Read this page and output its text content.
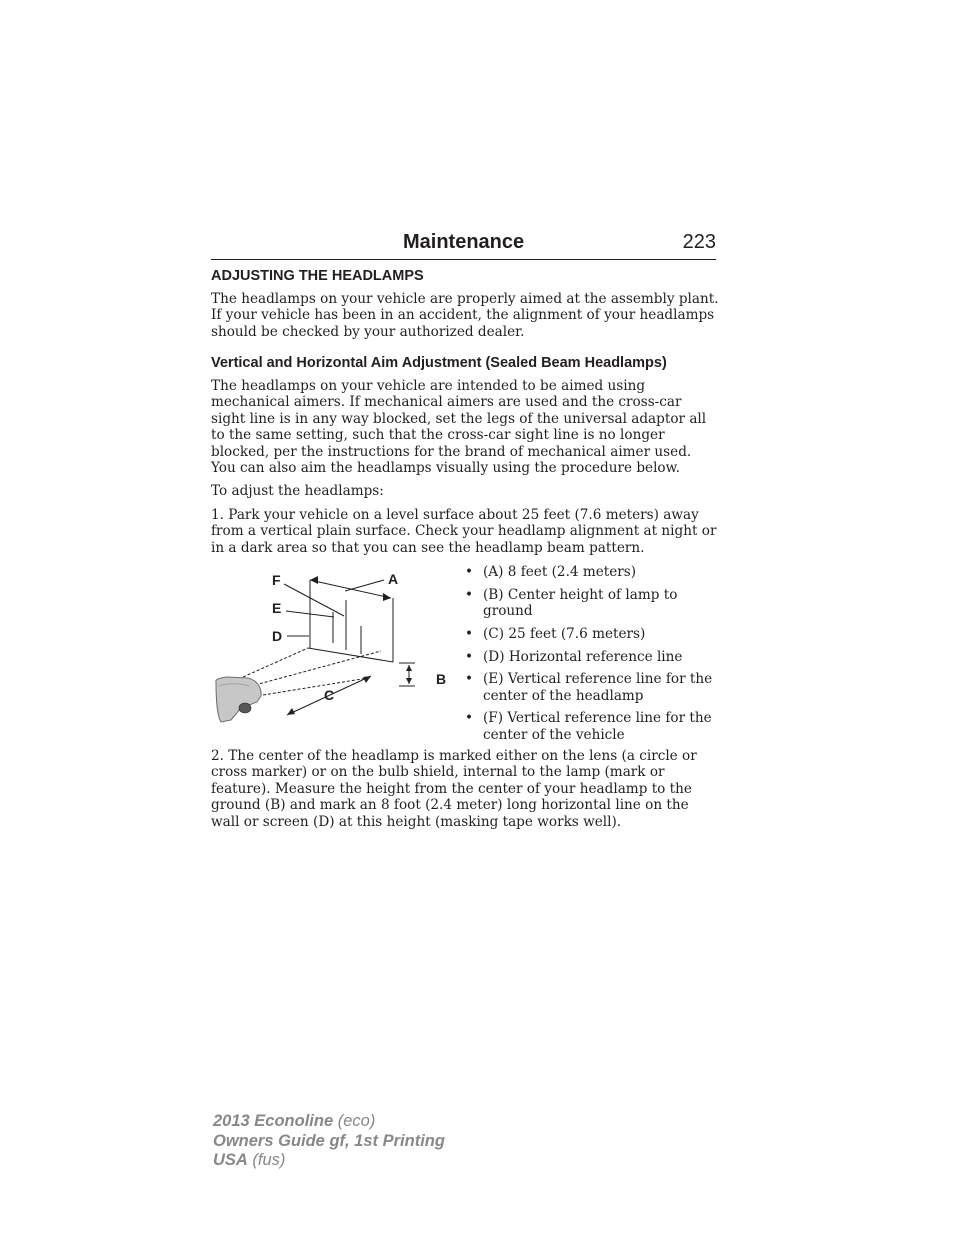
Maintenance	223
ADJUSTING THE HEADLAMPS

The headlamps on your vehicle are properly aimed at the assembly plant. If your vehicle has been in an accident, the alignment of your headlamps should be checked by your authorized dealer.

Vertical and Horizontal Aim Adjustment (Sealed Beam Headlamps)

The headlamps on your vehicle are intended to be aimed using mechanical aimers. If mechanical aimers are used and the cross-car sight line is in any way blocked, set the legs of the universal adaptor all to the same setting, such that the cross-car sight line is no longer blocked, per the instructions for the brand of mechanical aimer used. You can also aim the headlamps visually using the procedure below.

To adjust the headlamps:

1. Park your vehicle on a level surface about 25 feet (7.6 meters) away from a vertical plain surface. Check your headlamp alignment at night or in a dark area so that you can see the headlamp beam pattern.

F	A
E
D
B
C
• (A) 8 feet (2.4 meters)
• (B) Center height of lamp to ground
• (C) 25 feet (7.6 meters)
• (D) Horizontal reference line
• (E) Vertical reference line for the center of the headlamp
• (F) Vertical reference line for the center of the vehicle

2. The center of the headlamp is marked either on the lens (a circle or cross marker) or on the bulb shield, internal to the lamp (mark or feature). Measure the height from the center of your headlamp to the ground (B) and mark an 8 foot (2.4 meter) long horizontal line on the wall or screen (D) at this height (masking tape works well).

2013 Econoline (eco)
Owners Guide gf, 1st Printing
USA (fus)
